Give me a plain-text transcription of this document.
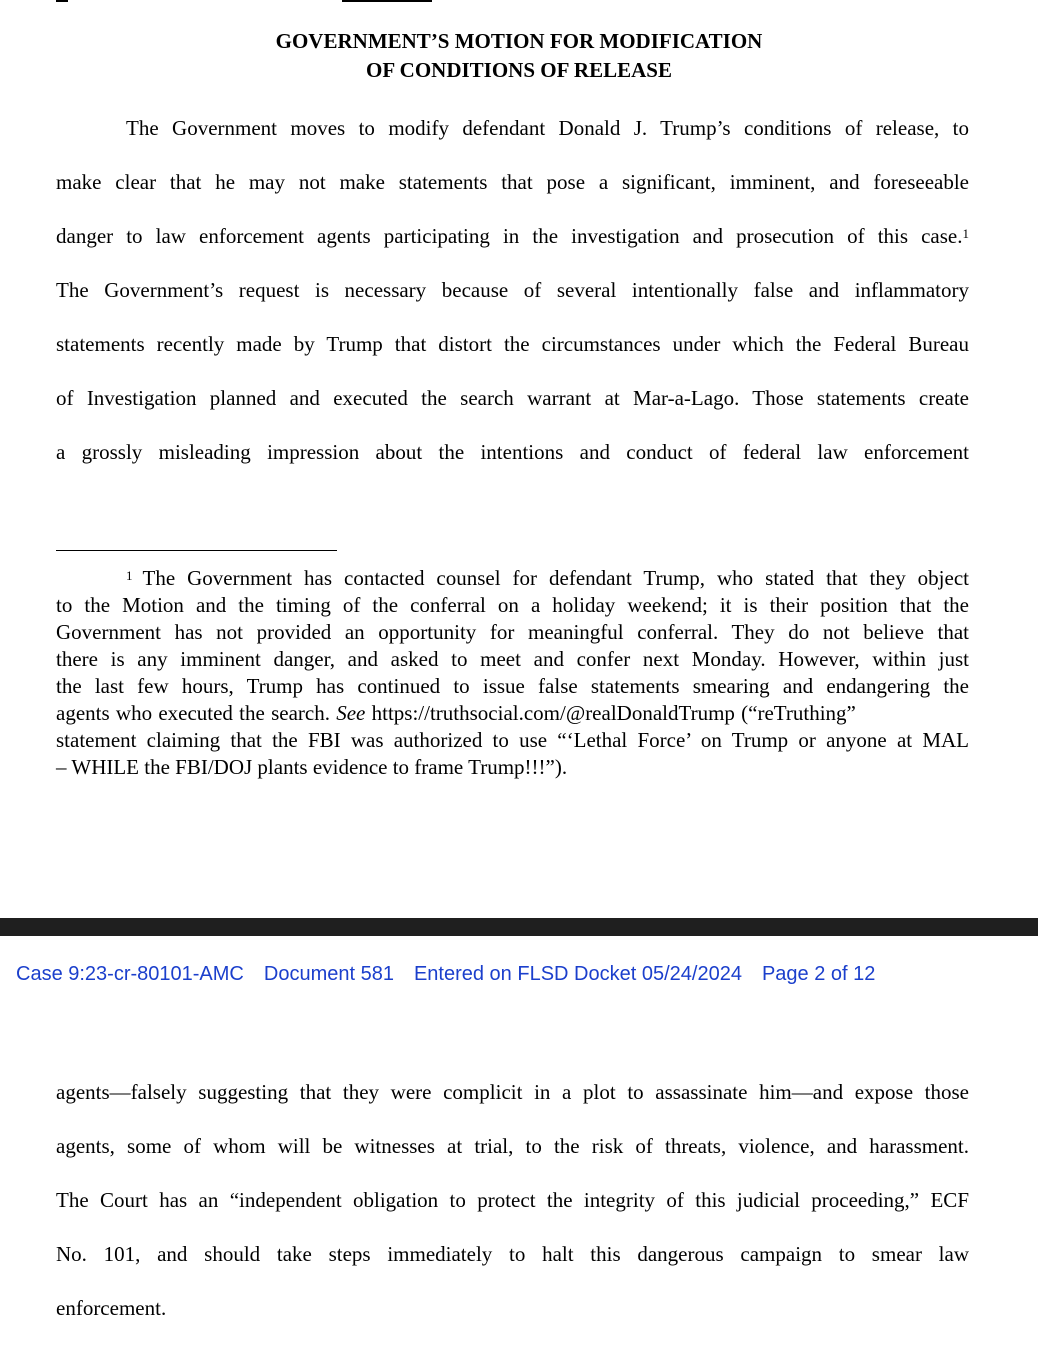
GOVERNMENT’S MOTION FOR MODIFICATION
OF CONDITIONS OF RELEASE
The Government moves to modify defendant Donald J. Trump’s conditions of release, to
make clear that he may not make statements that pose a significant, imminent, and foreseeable
danger to law enforcement agents participating in the investigation and prosecution of this case.$^1$
The Government’s request is necessary because of several intentionally false and inflammatory
statements recently made by Trump that distort the circumstances under which the Federal Bureau
of Investigation planned and executed the search warrant at Mar-a-Lago. Those statements create
a grossly misleading impression about the intentions and conduct of federal law enforcement
$^1$ The Government has contacted counsel for defendant Trump, who stated that they object
to the Motion and the timing of the conferral on a holiday weekend; it is their position that the
Government has not provided an opportunity for meaningful conferral. They do not believe that
there is any imminent danger, and asked to meet and confer next Monday. However, within just
the last few hours, Trump has continued to issue false statements smearing and endangering the
agents who executed the search. See https://truthsocial.com/@realDonaldTrump (“reTruthing”
statement claiming that the FBI was authorized to use “‘Lethal Force’ on Trump or anyone at MAL
– WHILE the FBI/DOJ plants evidence to frame Trump!!!”).
Case 9:23-cr-80101-AMC Document 581 Entered on FLSD Docket 05/24/2024 Page 2 of 12
agents—falsely suggesting that they were complicit in a plot to assassinate him—and expose those
agents, some of whom will be witnesses at trial, to the risk of threats, violence, and harassment.
The Court has an “independent obligation to protect the integrity of this judicial proceeding,” ECF
No. 101, and should take steps immediately to halt this dangerous campaign to smear law
enforcement.
